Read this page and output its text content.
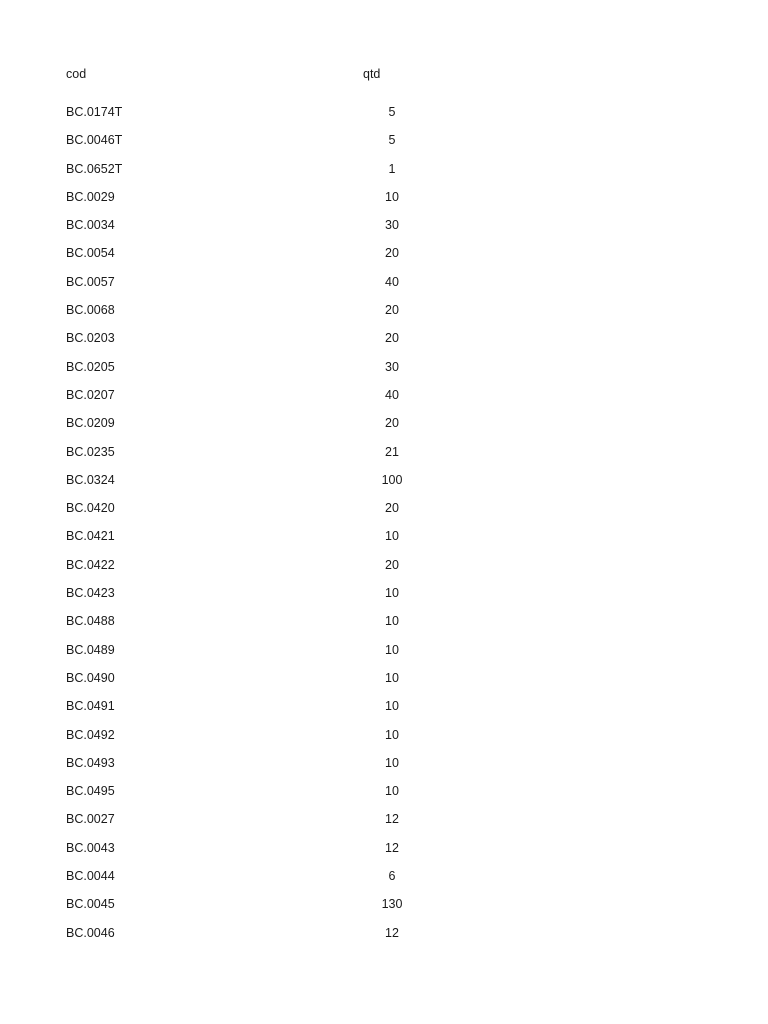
cod	qtd
BC.0174T	5
BC.0046T	5
BC.0652T	1
BC.0029	10
BC.0034	30
BC.0054	20
BC.0057	40
BC.0068	20
BC.0203	20
BC.0205	30
BC.0207	40
BC.0209	20
BC.0235	21
BC.0324	100
BC.0420	20
BC.0421	10
BC.0422	20
BC.0423	10
BC.0488	10
BC.0489	10
BC.0490	10
BC.0491	10
BC.0492	10
BC.0493	10
BC.0495	10
BC.0027	12
BC.0043	12
BC.0044	6
BC.0045	130
BC.0046	12
